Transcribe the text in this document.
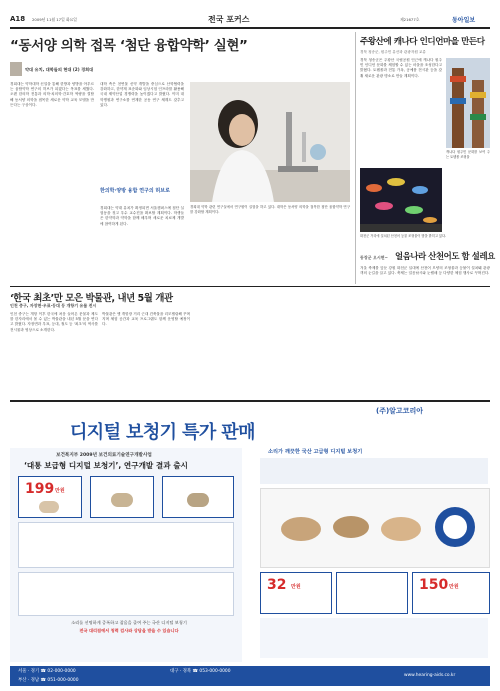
A18 2009년 11월 17일 화요일	전국 포커스	제21677호	동아일보
“동서양 의학 접목 ‘첨단 융합약학’ 실현”
약대 유치, 대학들의 현대 (2) 경희대
경희대는 약학대학 신설을 통해 한방과 양방을 아우르는 융합약학 연구의 허브가 되겠다는 목표를 세웠다. 오랜 한의학 전통과 의학·치의학·간호학 역량을 결합해 동서양 의학을 접목한 새로운 약학 교육 모델을 만든다는 구상이다.
대학 측은 천연물 신약 개발을 중심으로 산학협력을 강화하고, 한약재 표준화와 임상시험 인프라를 활용해 국내 제약산업 경쟁력을 높이겠다고 밝혔다. 이미 대학병원과 연구소를 연계한 공동 연구 체계도 갖추고 있다.
한의학·양방 융합 연구의 허브로
경희대는 약대 유치가 확정되면 서울캠퍼스에 첨단 실험동을 짓고 우수 교수진을 확보할 계획이다. 학생들은 한약학과 약학을 함께 배우며 새로운 치료제 개발에 참여하게 된다.
경희대 약학 관련 연구실에서 연구원이 실험을 하고 있다. 대학은 동서양 의학을 접목한 첨단 융합약학 연구를 강화할 계획이다.
주왕산에 캐나다 인디언마을 만든다
경북 청송군, 원주민 유산과 관광자원 교류
경북 청송군은 주왕산 국립공원 인근에 캐나다 원주민 인디언 문화를 체험할 수 있는 마을을 조성한다고 밝혔다. 토템폴과 전통 가옥, 공예품 전시관 등을 갖춰 새로운 관광 명소로 만들 계획이다.
캐나다 원주민 문화를 보여 주는 토템폴 조형물
화천군 거리에 설치된 산천어 등불 조형물이 밤을 밝히고 있다.
동장군 오시면~ 얼음나라 산천어도 함 설레요
겨울 축제를 앞둔 강원 화천군 일대에 산천어 모양의 조형물과 등불이 설치돼 관광객의 눈길을 끌고 있다. 축제는 얼음낚시와 눈썰매 등 다양한 체험 행사로 꾸며진다.
‘한국 최초’만 모은 박물관, 내년 5월 개관
인천 중구, 자장면·우표·등대 등 개항기 유물 전시
인천 중구는 개항 이후 한국에 처음 들어온 문물과 제도를 한자리에서 볼 수 있는 박물관을 내년 5월 문을 연다고 밝혔다. 자장면과 우표, 등대, 철도 등 ‘최초’의 역사를 전시물과 영상으로 소개한다.
박물관은 옛 개항장 거리 근대 건축물을 리모델링해 꾸며지며 체험 공간과 교육 프로그램도 함께 운영할 예정이다.
(주)알고코리아
디지털 보청기 특가 판매
보건복지부 2009년 보건의료기술연구개발사업
‘대통 보급형 디지털 보청기’, 연구개발 결과 출시
199 만원
소리를 선명하게 증폭하고 잡음을 줄여 주는 국산 디지털 보청기
전국 대리점에서 청력 검사와 상담을 받을 수 있습니다
소리가 깨끗한 국산 고급형 디지털 보청기
32 만원	150 만원
서울 · 경기 ☎ 02-000-0000
부산 · 경남 ☎ 051-000-0000
대구 · 경북 ☎ 053-000-0000
www.hearing-aids.co.kr
